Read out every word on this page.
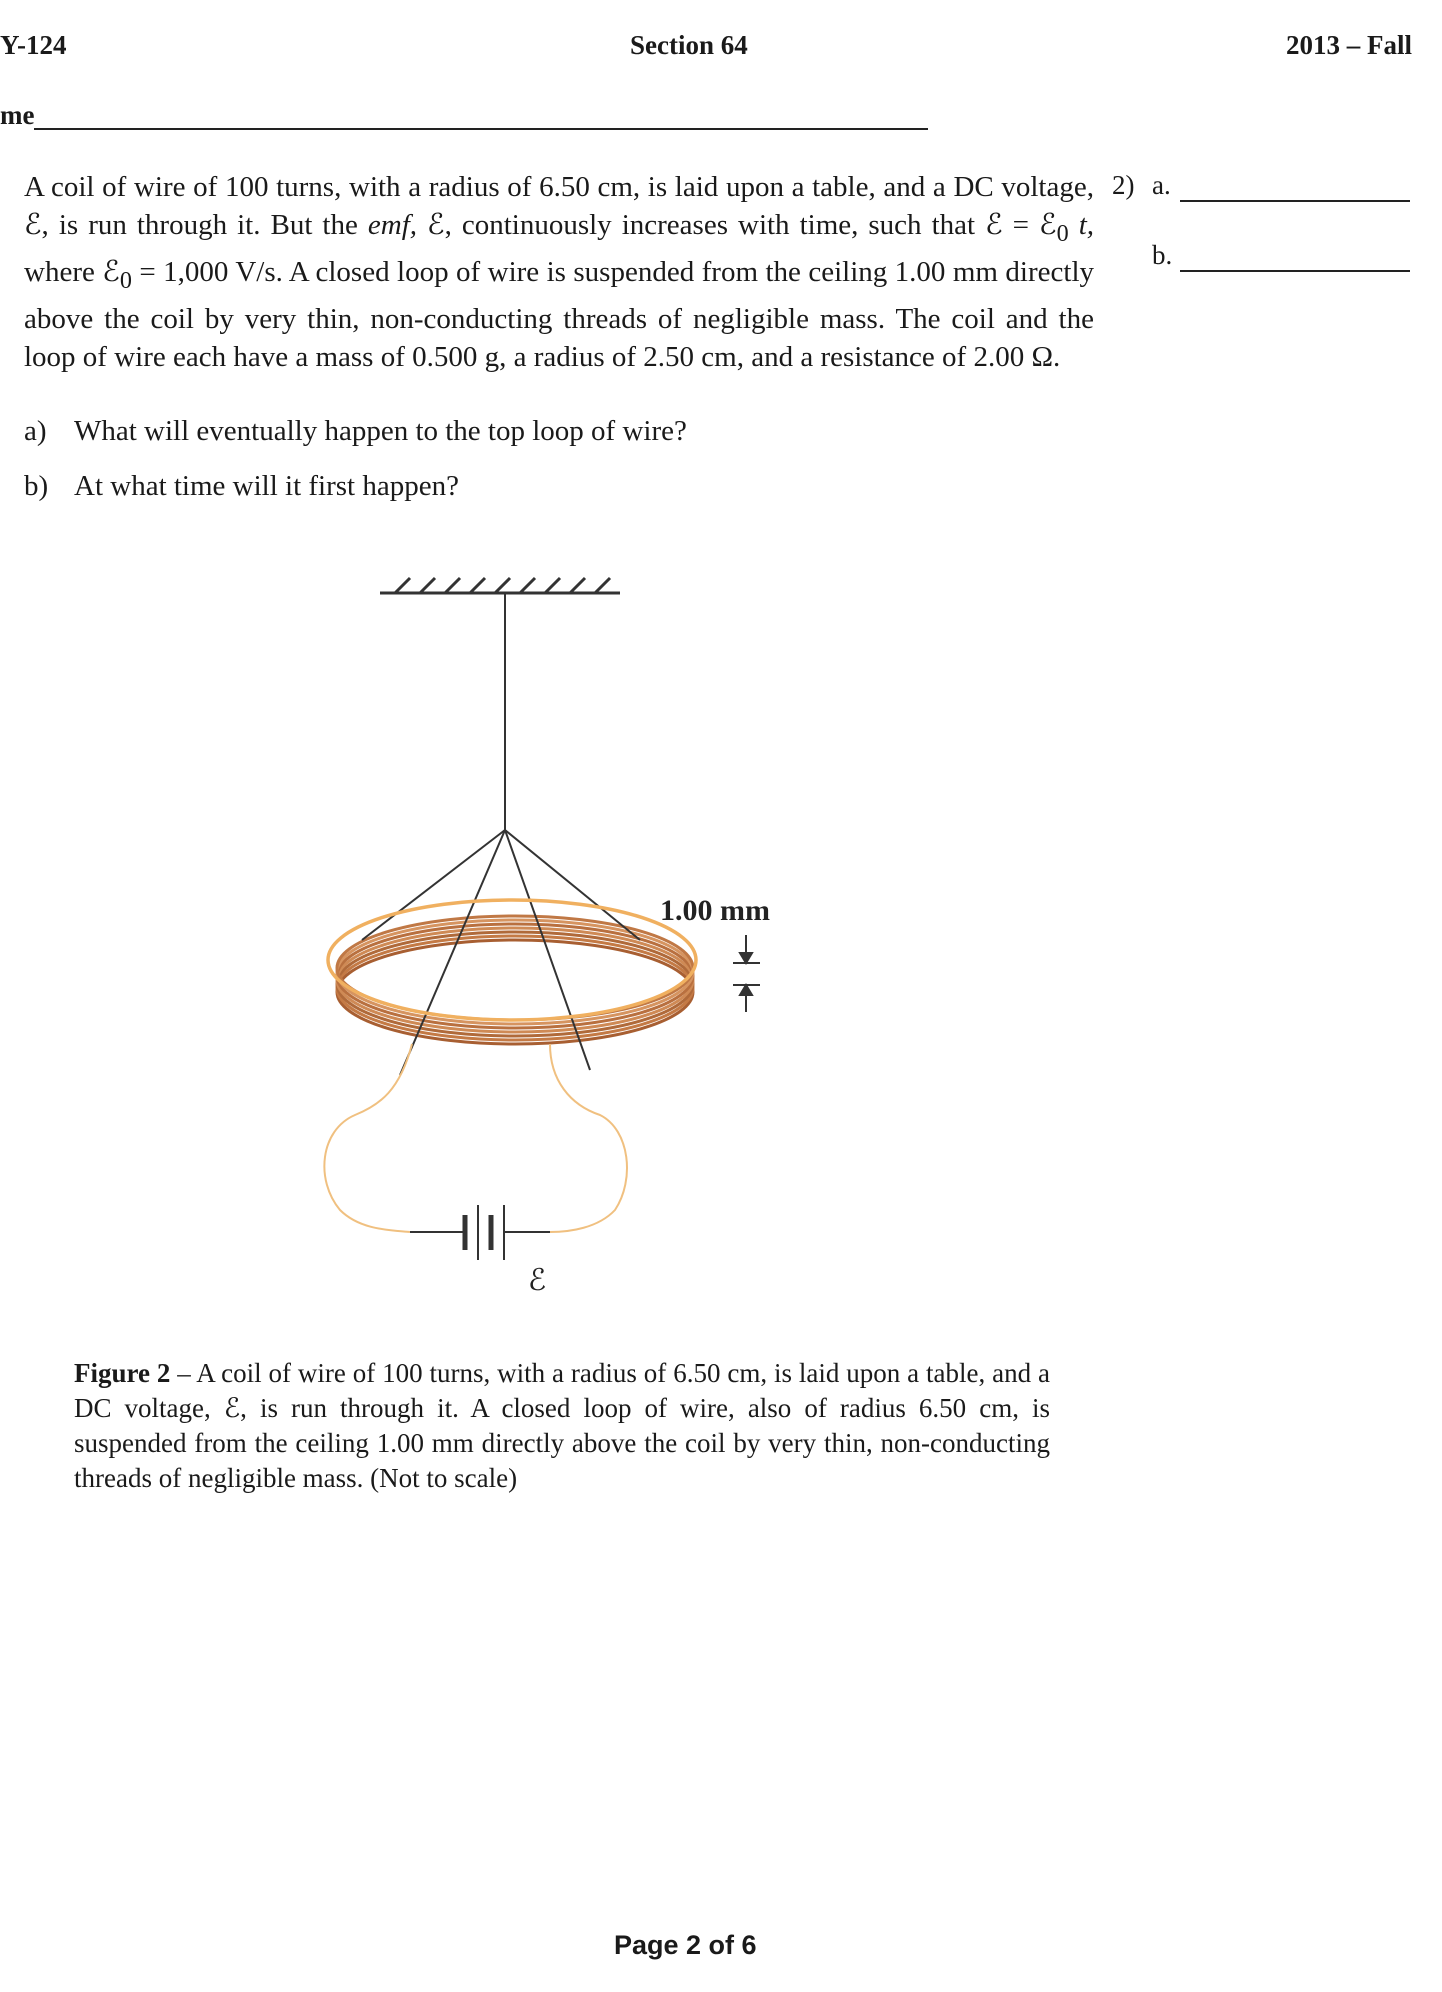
Y-124	Section 64	2013 – Fall
me

A coil of wire of 100 turns, with a radius of 6.50 cm, is laid upon a table, and a DC voltage, ℰ, is run through it. But the emf, ℰ, continuously increases with time, such that ℰ = ℰ$_0$ t, where ℰ$_0$ = 1,000 V/s. A closed loop of wire is suspended from the ceiling 1.00 mm directly above the coil by very thin, non-conducting threads of negligible mass. The coil and the loop of wire each have a mass of 0.500 g, a radius of 2.50 cm, and a resistance of 2.00 Ω.

2) a.
b.
a) What will eventually happen to the top loop of wire?
b) At what time will it first happen?
1.00 mm
ℰ
Figure 2 – A coil of wire of 100 turns, with a radius of 6.50 cm, is laid upon a table, and a DC voltage, ℰ, is run through it. A closed loop of wire, also of radius 6.50 cm, is suspended from the ceiling 1.00 mm directly above the coil by very thin, non-conducting threads of negligible mass. (Not to scale)
Page 2 of 6
